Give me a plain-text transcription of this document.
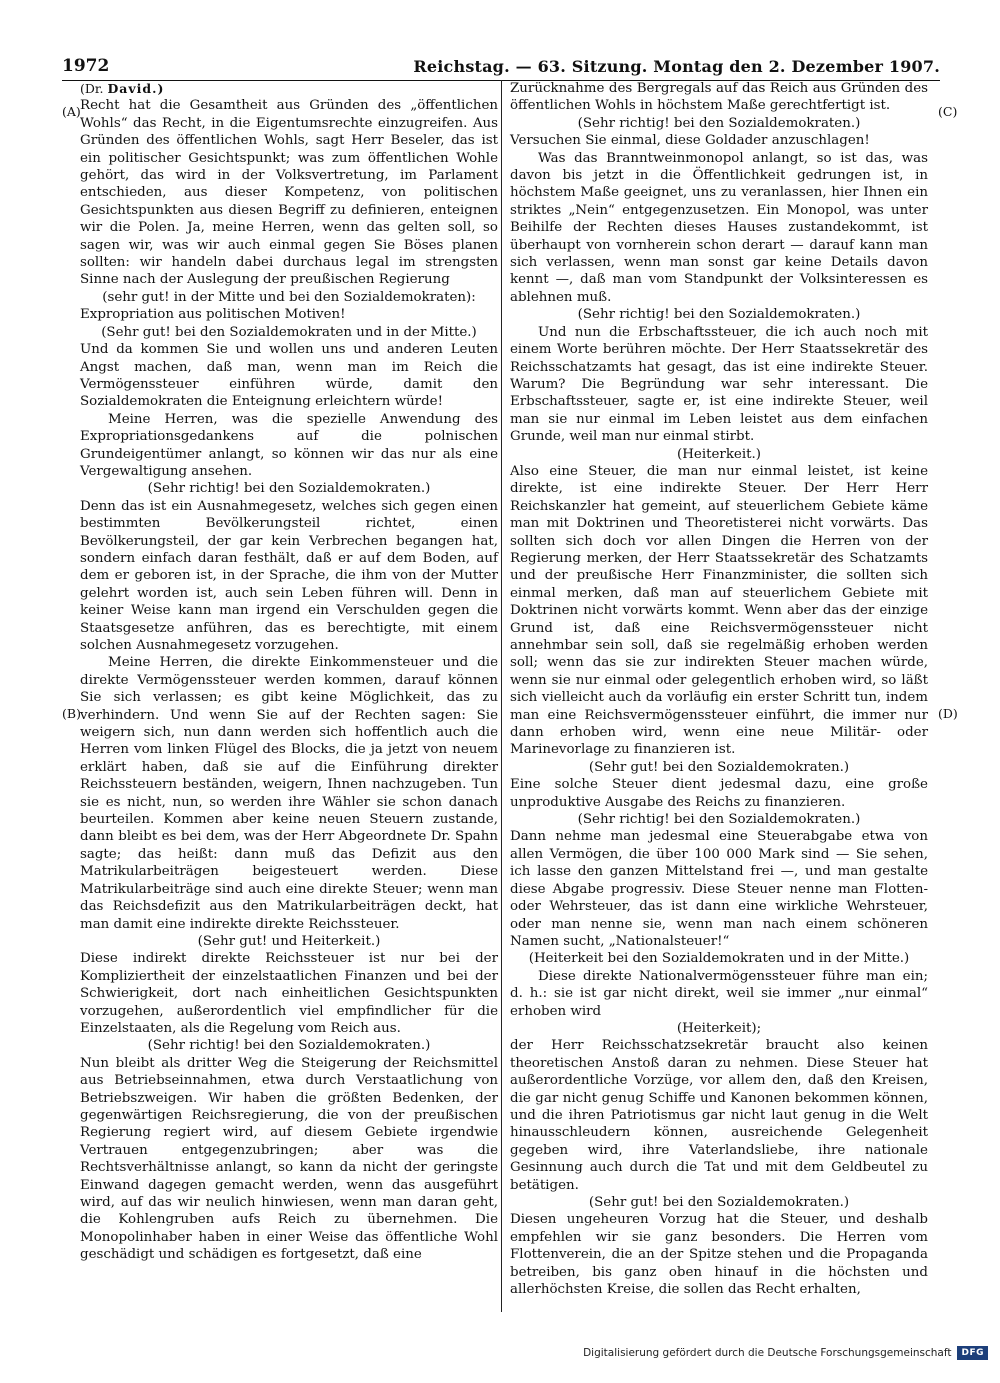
1972	Reichstag. — 63. Sitzung. Montag den 2. Dezember 1907.
(A)
(B)
(C)
(D)

(Dr. David.)

Recht hat die Gesamtheit aus Gründen des „öffentlichen Wohls“ das Recht, in die Eigentumsrechte einzugreifen. Aus Gründen des öffentlichen Wohls, sagt Herr Beseler, das ist ein politischer Gesichtspunkt; was zum öffentlichen Wohle gehört, das wird in der Volksvertretung, im Parlament entschieden, aus dieser Kompetenz, von politischen Gesichtspunkten aus diesen Begriff zu definieren, enteignen wir die Polen. Ja, meine Herren, wenn das gelten soll, so sagen wir, was wir auch einmal gegen Sie Böses planen sollten: wir handeln dabei durchaus legal im strengsten Sinne nach der Auslegung der preußischen Regierung

(sehr gut! in der Mitte und bei den Sozialdemokraten):

Expropriation aus politischen Motiven!

(Sehr gut! bei den Sozialdemokraten und in der Mitte.)

Und da kommen Sie und wollen uns und anderen Leuten Angst machen, daß man, wenn man im Reich die Vermögenssteuer einführen würde, damit den Sozialdemokraten die Enteignung erleichtern würde!

Meine Herren, was die spezielle Anwendung des Expropriationsgedankens auf die polnischen Grundeigentümer anlangt, so können wir das nur als eine Vergewaltigung ansehen.

(Sehr richtig! bei den Sozialdemokraten.)

Denn das ist ein Ausnahmegesetz, welches sich gegen einen bestimmten Bevölkerungsteil richtet, einen Bevölkerungsteil, der gar kein Verbrechen begangen hat, sondern einfach daran festhält, daß er auf dem Boden, auf dem er geboren ist, in der Sprache, die ihm von der Mutter gelehrt worden ist, auch sein Leben führen will. Denn in keiner Weise kann man irgend ein Verschulden gegen die Staatsgesetze anführen, das es berechtigte, mit einem solchen Ausnahmegesetz vorzugehen.

Meine Herren, die direkte Einkommensteuer und die direkte Vermögenssteuer werden kommen, darauf können Sie sich verlassen; es gibt keine Möglichkeit, das zu verhindern. Und wenn Sie auf der Rechten sagen: Sie weigern sich, nun dann werden sich hoffentlich auch die Herren vom linken Flügel des Blocks, die ja jetzt von neuem erklärt haben, daß sie auf die Einführung direkter Reichssteuern beständen, weigern, Ihnen nachzugeben. Tun sie es nicht, nun, so werden ihre Wähler sie schon danach beurteilen. Kommen aber keine neuen Steuern zustande, dann bleibt es bei dem, was der Herr Abgeordnete Dr. Spahn sagte; das heißt: dann muß das Defizit aus den Matrikularbeiträgen beigesteuert werden. Diese Matrikularbeiträge sind auch eine direkte Steuer; wenn man das Reichsdefizit aus den Matrikularbeiträgen deckt, hat man damit eine indirekte direkte Reichssteuer.

(Sehr gut! und Heiterkeit.)

Diese indirekt direkte Reichssteuer ist nur bei der Kompliziertheit der einzelstaatlichen Finanzen und bei der Schwierigkeit, dort nach einheitlichen Gesichtspunkten vorzugehen, außerordentlich viel empfindlicher für die Einzelstaaten, als die Regelung vom Reich aus.

(Sehr richtig! bei den Sozialdemokraten.)

Nun bleibt als dritter Weg die Steigerung der Reichsmittel aus Betriebseinnahmen, etwa durch Verstaatlichung von Betriebszweigen. Wir haben die größten Bedenken, der gegenwärtigen Reichsregierung, die von der preußischen Regierung regiert wird, auf diesem Gebiete irgendwie Vertrauen entgegenzubringen; aber was die Rechtsverhältnisse anlangt, so kann da nicht der geringste Einwand dagegen gemacht werden, wenn das ausgeführt wird, auf das wir neulich hinwiesen, wenn man daran geht, die Kohlengruben aufs Reich zu übernehmen. Die Monopolinhaber haben in einer Weise das öffentliche Wohl geschädigt und schädigen es fortgesetzt, daß eine

Zurücknahme des Bergregals auf das Reich aus Gründen des öffentlichen Wohls in höchstem Maße gerechtfertigt ist.

(Sehr richtig! bei den Sozialdemokraten.)

Versuchen Sie einmal, diese Goldader anzuschlagen!

Was das Branntweinmonopol anlangt, so ist das, was davon bis jetzt in die Öffentlichkeit gedrungen ist, in höchstem Maße geeignet, uns zu veranlassen, hier Ihnen ein striktes „Nein“ entgegenzusetzen. Ein Monopol, was unter Beihilfe der Rechten dieses Hauses zustandekommt, ist überhaupt von vornherein schon derart — darauf kann man sich verlassen, wenn man sonst gar keine Details davon kennt —, daß man vom Standpunkt der Volksinteressen es ablehnen muß.

(Sehr richtig! bei den Sozialdemokraten.)

Und nun die Erbschaftssteuer, die ich auch noch mit einem Worte berühren möchte. Der Herr Staatssekretär des Reichsschatzamts hat gesagt, das ist eine indirekte Steuer. Warum? Die Begründung war sehr interessant. Die Erbschaftssteuer, sagte er, ist eine indirekte Steuer, weil man sie nur einmal im Leben leistet aus dem einfachen Grunde, weil man nur einmal stirbt.

(Heiterkeit.)

Also eine Steuer, die man nur einmal leistet, ist keine direkte, ist eine indirekte Steuer. Der Herr Herr Reichskanzler hat gemeint, auf steuerlichem Gebiete käme man mit Doktrinen und Theoretisterei nicht vorwärts. Das sollten sich doch vor allen Dingen die Herren von der Regierung merken, der Herr Staatssekretär des Schatzamts und der preußische Herr Finanzminister, die sollten sich einmal merken, daß man auf steuerlichem Gebiete mit Doktrinen nicht vorwärts kommt. Wenn aber das der einzige Grund ist, daß eine Reichsvermögenssteuer nicht annehmbar sein soll, daß sie regelmäßig erhoben werden soll; wenn das sie zur indirekten Steuer machen würde, wenn sie nur einmal oder gelegentlich erhoben wird, so läßt sich vielleicht auch da vorläufig ein erster Schritt tun, indem man eine Reichsvermögenssteuer einführt, die immer nur dann erhoben wird, wenn eine neue Militär- oder Marinevorlage zu finanzieren ist.

(Sehr gut! bei den Sozialdemokraten.)

Eine solche Steuer dient jedesmal dazu, eine große unproduktive Ausgabe des Reichs zu finanzieren.

(Sehr richtig! bei den Sozialdemokraten.)

Dann nehme man jedesmal eine Steuerabgabe etwa von allen Vermögen, die über 100 000 Mark sind — Sie sehen, ich lasse den ganzen Mittelstand frei —, und man gestalte diese Abgabe progressiv. Diese Steuer nenne man Flotten- oder Wehrsteuer, das ist dann eine wirkliche Wehrsteuer, oder man nenne sie, wenn man nach einem schöneren Namen sucht, „Nationalsteuer!“

(Heiterkeit bei den Sozialdemokraten und in der Mitte.)

Diese direkte Nationalvermögenssteuer führe man ein; d. h.: sie ist gar nicht direkt, weil sie immer „nur einmal“ erhoben wird

(Heiterkeit);

der Herr Reichsschatzsekretär braucht also keinen theoretischen Anstoß daran zu nehmen. Diese Steuer hat außerordentliche Vorzüge, vor allem den, daß den Kreisen, die gar nicht genug Schiffe und Kanonen bekommen können, und die ihren Patriotismus gar nicht laut genug in die Welt hinausschleudern können, ausreichende Gelegenheit gegeben wird, ihre Vaterlandsliebe, ihre nationale Gesinnung auch durch die Tat und mit dem Geldbeutel zu betätigen.

(Sehr gut! bei den Sozialdemokraten.)

Diesen ungeheuren Vorzug hat die Steuer, und deshalb empfehlen wir sie ganz besonders. Die Herren vom Flottenverein, die an der Spitze stehen und die Propaganda betreiben, bis ganz oben hinauf in die höchsten und allerhöchsten Kreise, die sollen das Recht erhalten,

Digitalisierung gefördert durch die Deutsche Forschungsgemeinschaft	DFG
